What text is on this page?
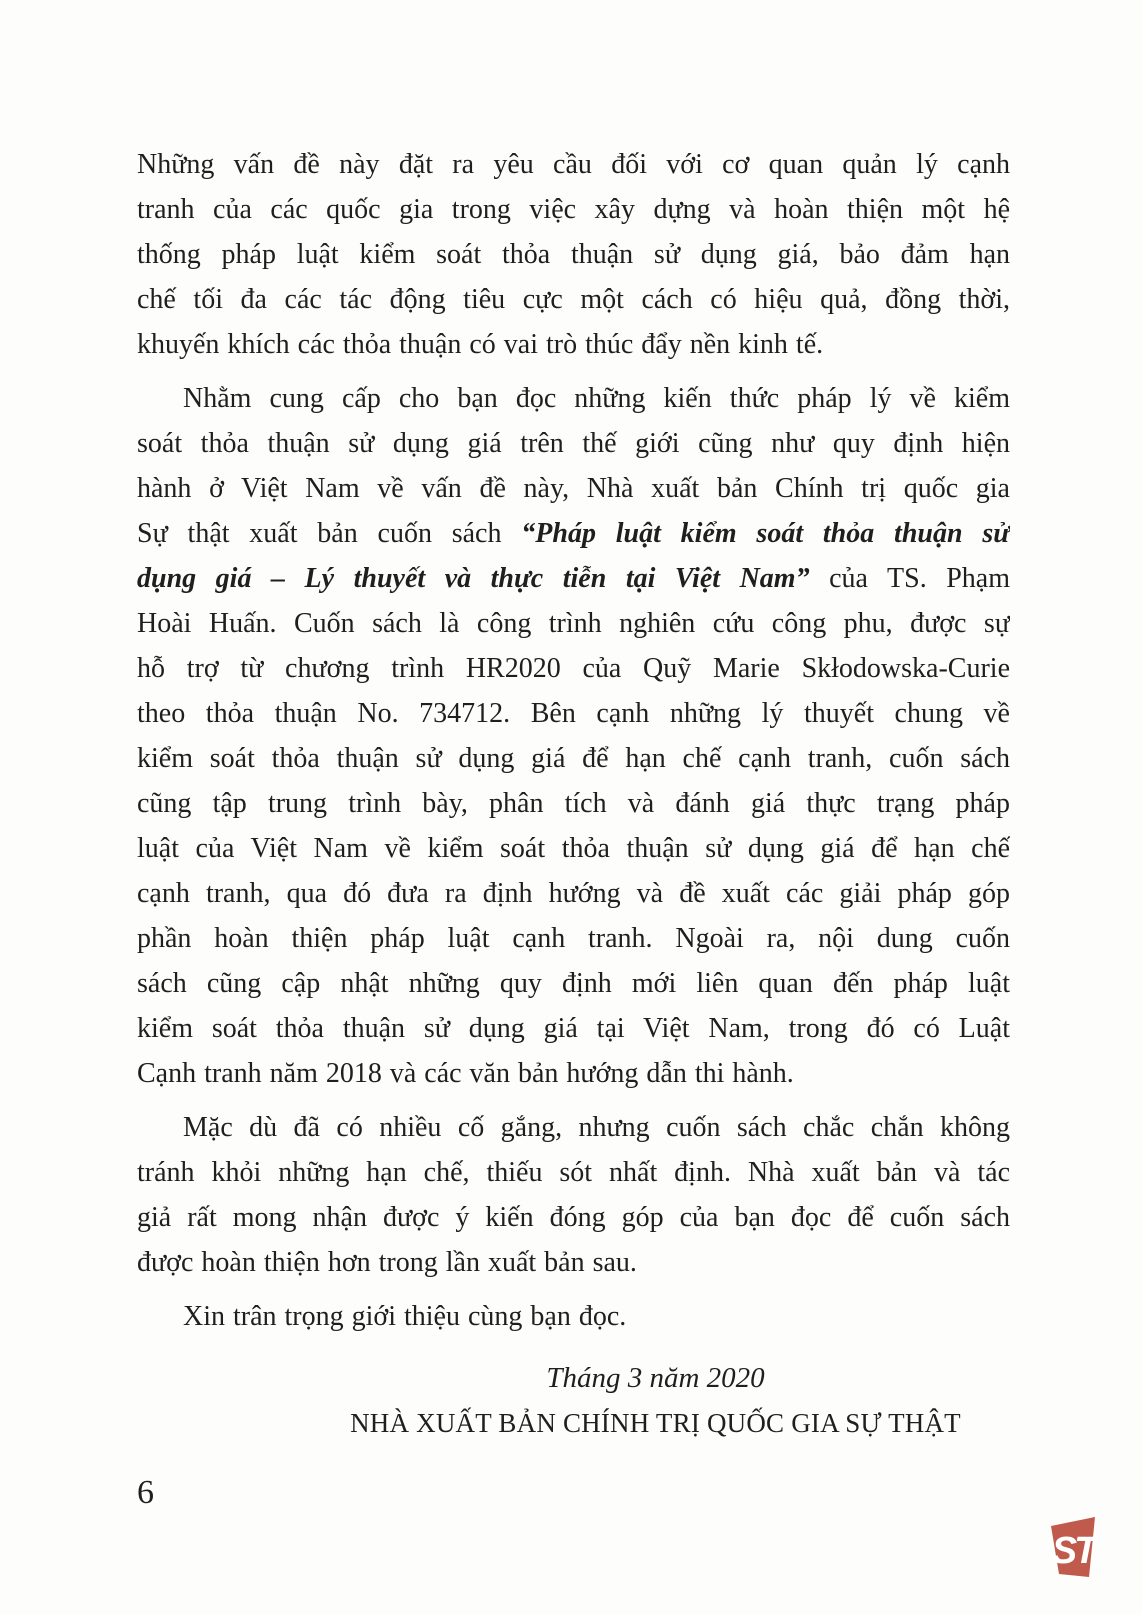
Những vấn đề này đặt ra yêu cầu đối với cơ quan quản lý cạnh
tranh của các quốc gia trong việc xây dựng và hoàn thiện một hệ
thống pháp luật kiểm soát thỏa thuận sử dụng giá, bảo đảm hạn
chế tối đa các tác động tiêu cực một cách có hiệu quả, đồng thời,
khuyến khích các thỏa thuận có vai trò thúc đẩy nền kinh tế.
Nhằm cung cấp cho bạn đọc những kiến thức pháp lý về kiểm
soát thỏa thuận sử dụng giá trên thế giới cũng như quy định hiện
hành ở Việt Nam về vấn đề này, Nhà xuất bản Chính trị quốc gia
Sự thật xuất bản cuốn sách “Pháp luật kiểm soát thỏa thuận sử
dụng giá – Lý thuyết và thực tiễn tại Việt Nam” của TS. Phạm
Hoài Huấn. Cuốn sách là công trình nghiên cứu công phu, được sự
hỗ trợ từ chương trình HR2020 của Quỹ Marie Skłodowska-Curie
theo thỏa thuận No. 734712. Bên cạnh những lý thuyết chung về
kiểm soát thỏa thuận sử dụng giá để hạn chế cạnh tranh, cuốn sách
cũng tập trung trình bày, phân tích và đánh giá thực trạng pháp
luật của Việt Nam về kiểm soát thỏa thuận sử dụng giá để hạn chế
cạnh tranh, qua đó đưa ra định hướng và đề xuất các giải pháp góp
phần hoàn thiện pháp luật cạnh tranh. Ngoài ra, nội dung cuốn
sách cũng cập nhật những quy định mới liên quan đến pháp luật
kiểm soát thỏa thuận sử dụng giá tại Việt Nam, trong đó có Luật
Cạnh tranh năm 2018 và các văn bản hướng dẫn thi hành.
Mặc dù đã có nhiều cố gắng, nhưng cuốn sách chắc chắn không
tránh khỏi những hạn chế, thiếu sót nhất định. Nhà xuất bản và tác
giả rất mong nhận được ý kiến đóng góp của bạn đọc để cuốn sách
được hoàn thiện hơn trong lần xuất bản sau.
Xin trân trọng giới thiệu cùng bạn đọc.
Tháng 3 năm 2020
NHÀ XUẤT BẢN CHÍNH TRỊ QUỐC GIA SỰ THẬT
6
ST
